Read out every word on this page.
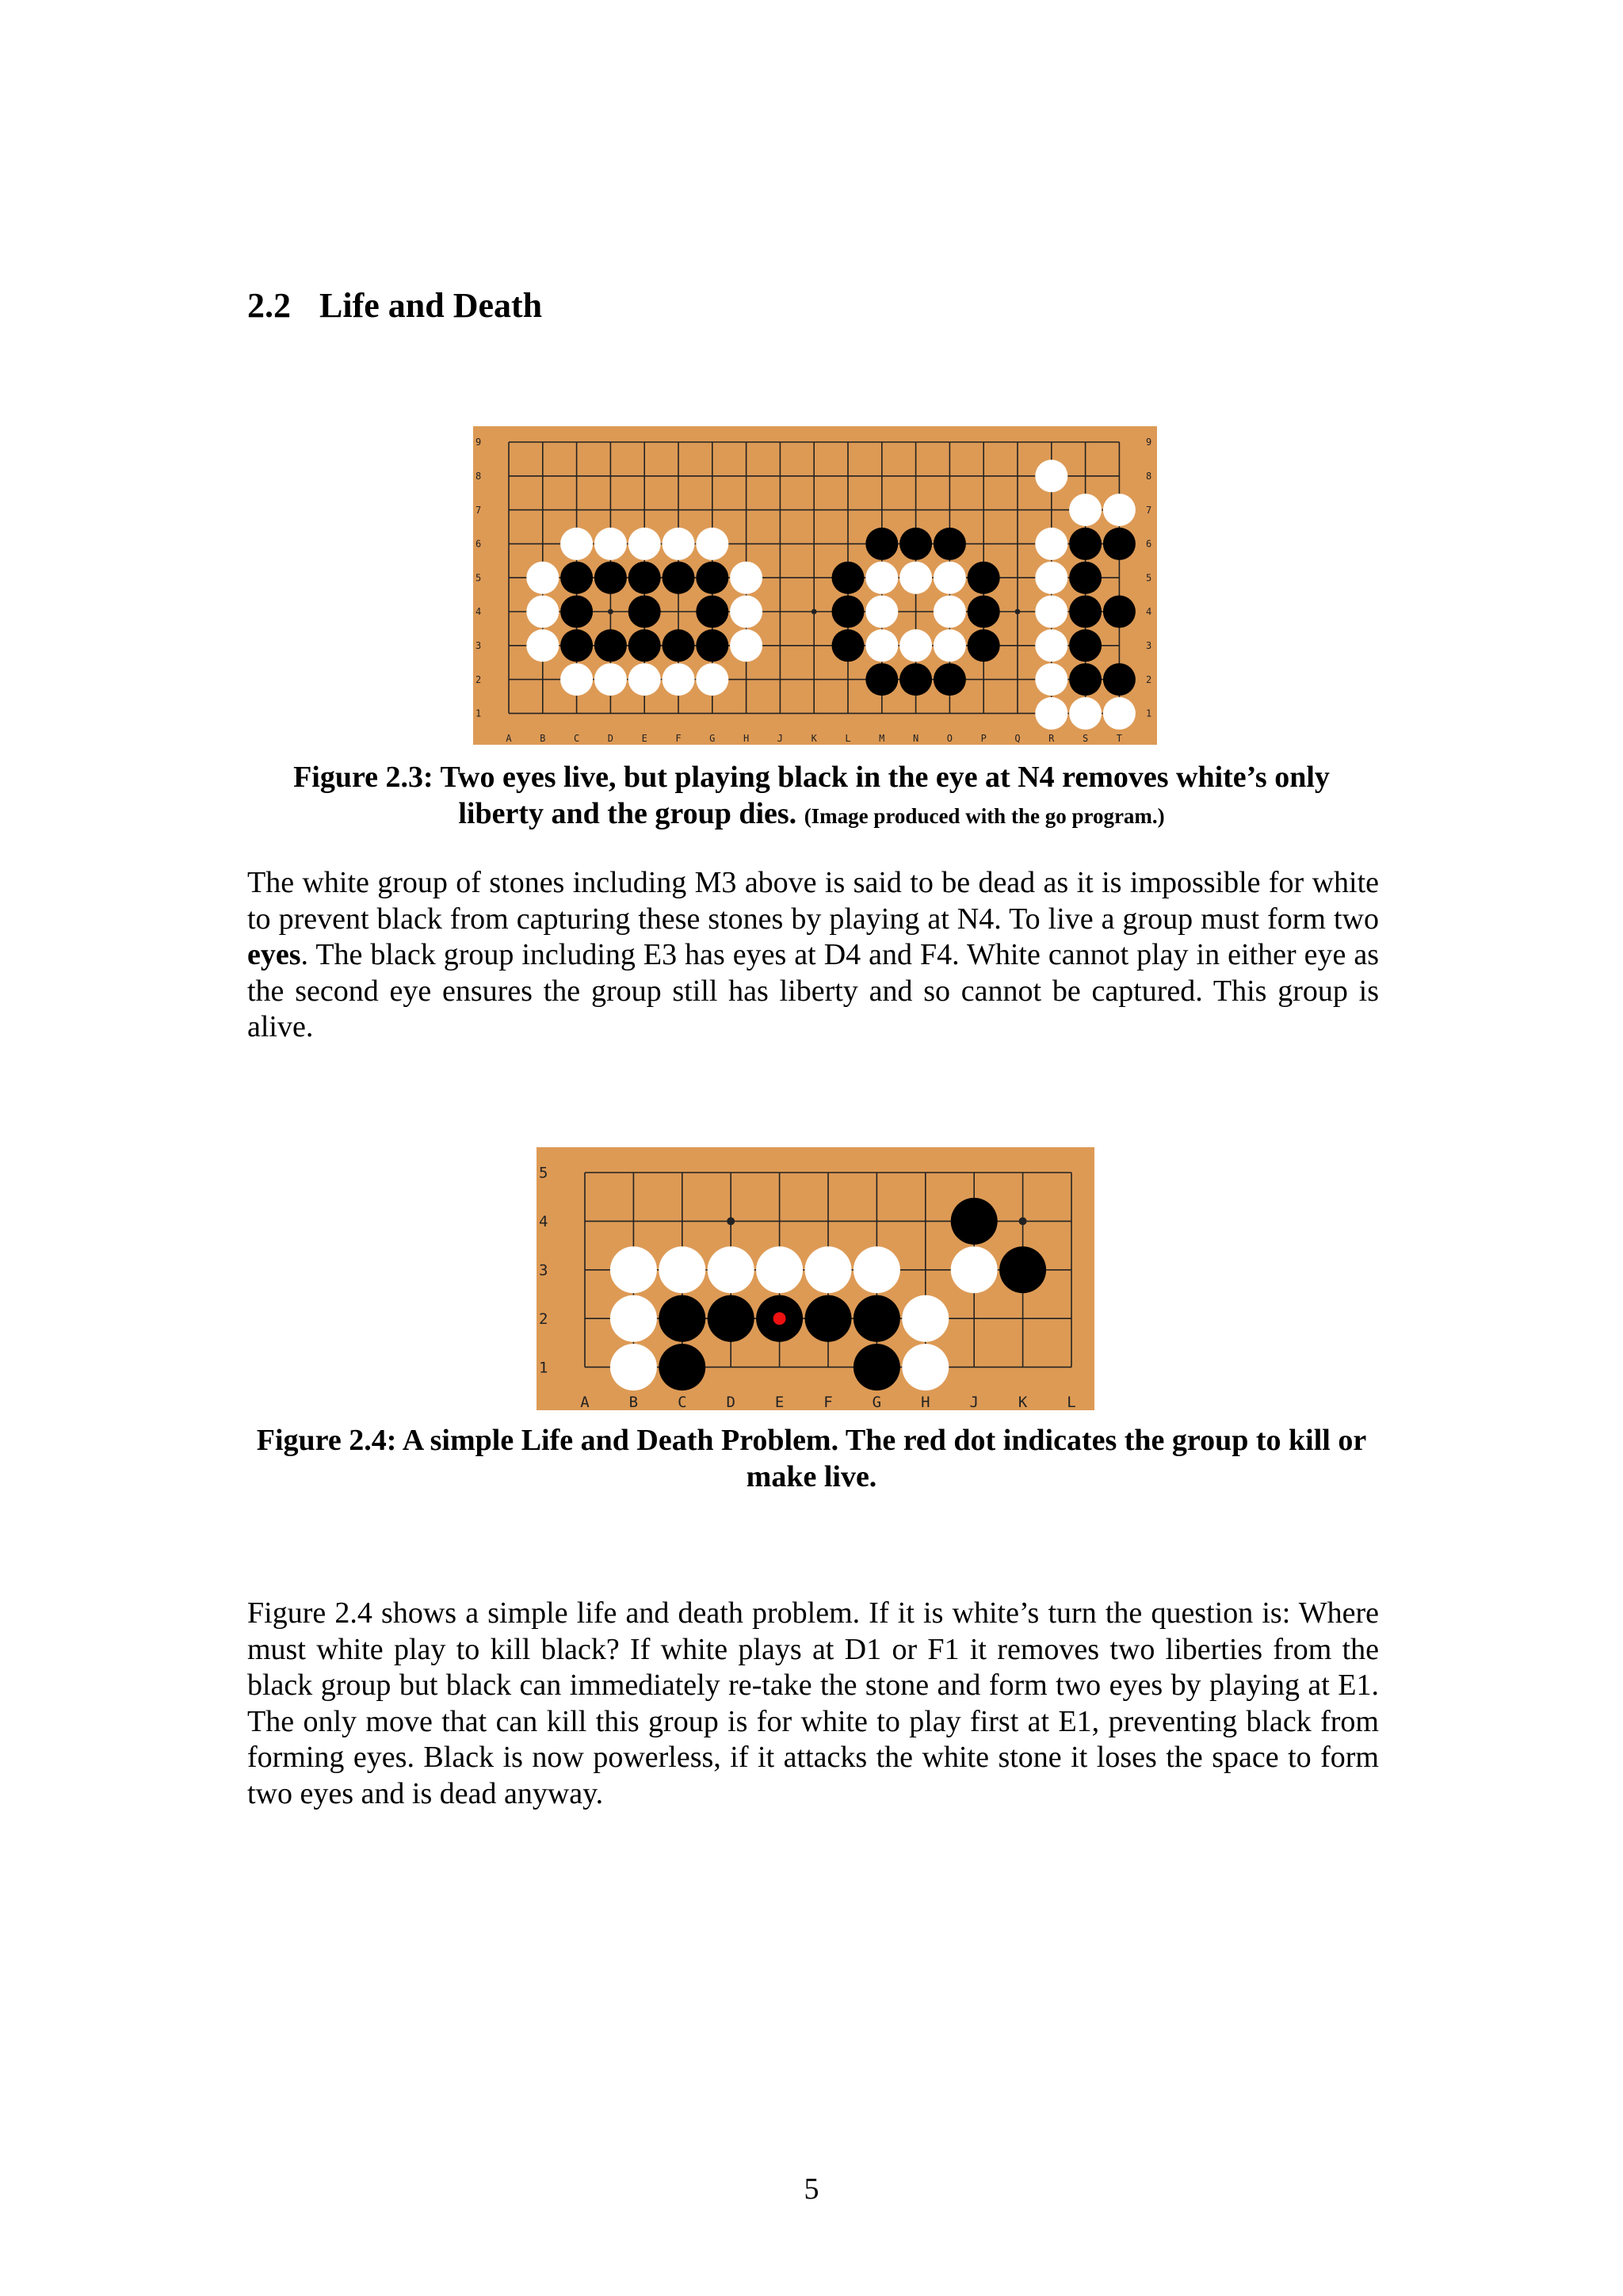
2.2 Life and Death
9	9
8	8
7	7
6	6
5	5
4	4
3	3
2	2
1	1
A	B	C	D	E	F	G	H	J	K	L	M	N	O	P	Q	R	S	T

Figure 2.3: Two eyes live, but playing black in the eye at N4 removes white’s only liberty and the group dies. (Image produced with the go program.)

The white group of stones including M3 above is said to be dead as it is impossible for white to prevent black from capturing these stones by playing at N4. To live a group must form two eyes. The black group including E3 has eyes at D4 and F4. White cannot play in either eye as the second eye ensures the group still has liberty and so cannot be captured. This group is alive.

5
4
3
2
1
A	B	C	D	E	F	G	H	J	K	L

Figure 2.4: A simple Life and Death Problem. The red dot indicates the group to kill or make live.

Figure 2.4 shows a simple life and death problem. If it is white’s turn the question is: Where must white play to kill black? If white plays at D1 or F1 it removes two liberties from the black group but black can immediately re-take the stone and form two eyes by playing at E1. The only move that can kill this group is for white to play first at E1, preventing black from forming eyes. Black is now powerless, if it attacks the white stone it loses the space to form two eyes and is dead anyway.

5
